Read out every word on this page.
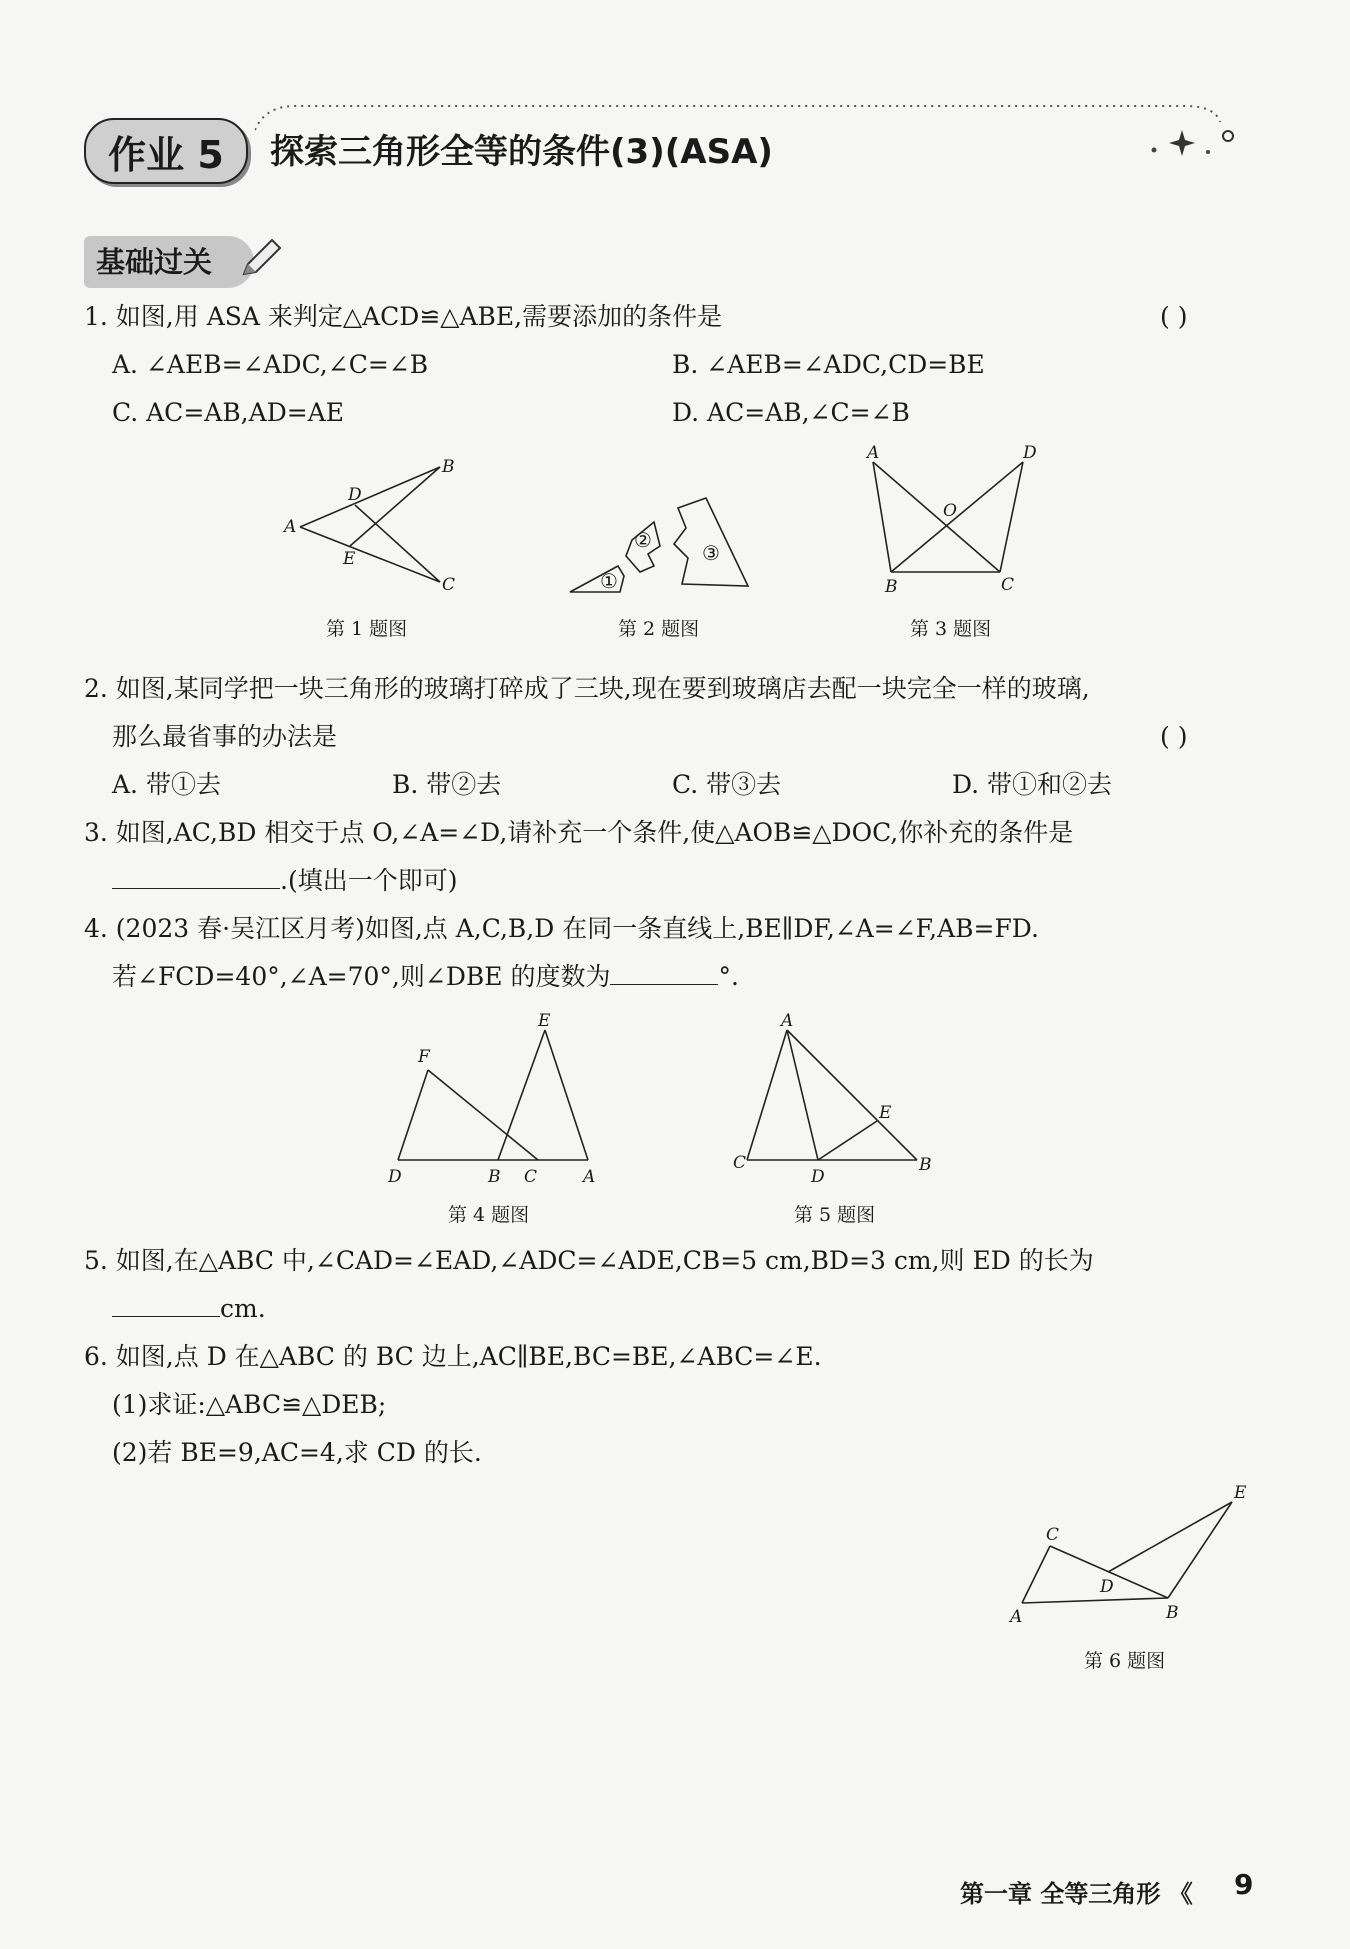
作业 5	探索三角形全等的条件(3)(ASA)
基础过关
1. 如图,用 ASA 来判定△ACD≌△ABE,需要添加的条件是	( )
A. ∠AEB=∠ADC,∠C=∠B	B. ∠AEB=∠ADC,CD=BE
C. AC=AB,AD=AE	D. AC=AB,∠C=∠B
A
B
C
D
E
第 1 题图
①
②
③
第 2 题图
A	D
O
B	C
第 3 题图
2. 如图,某同学把一块三角形的玻璃打碎成了三块,现在要到玻璃店去配一块完全一样的玻璃,
那么最省事的办法是	( )
A. 带①去	B. 带②去	C. 带③去	D. 带①和②去
3. 如图,AC,BD 相交于点 O,∠A=∠D,请补充一个条件,使△AOB≌△DOC,你补充的条件是
.(填出一个即可)
4. (2023 春·吴江区月考)如图,点 A,C,B,D 在同一条直线上,BE∥DF,∠A=∠F,AB=FD.
若∠FCD=40°,∠A=70°,则∠DBE 的度数为	°.
F
E
D	B C	A
第 4 题图
A
E
C
D
B
第 5 题图
5. 如图,在△ABC 中,∠CAD=∠EAD,∠ADC=∠ADE,CB=5 cm,BD=3 cm,则 ED 的长为
cm.
6. 如图,点 D 在△ABC 的 BC 边上,AC∥BE,BC=BE,∠ABC=∠E.
(1)求证:△ABC≌△DEB;
(2)若 BE=9,AC=4,求 CD 的长.
C
E
D
A	B
第 6 题图
第一章 全等三角形 《 9
